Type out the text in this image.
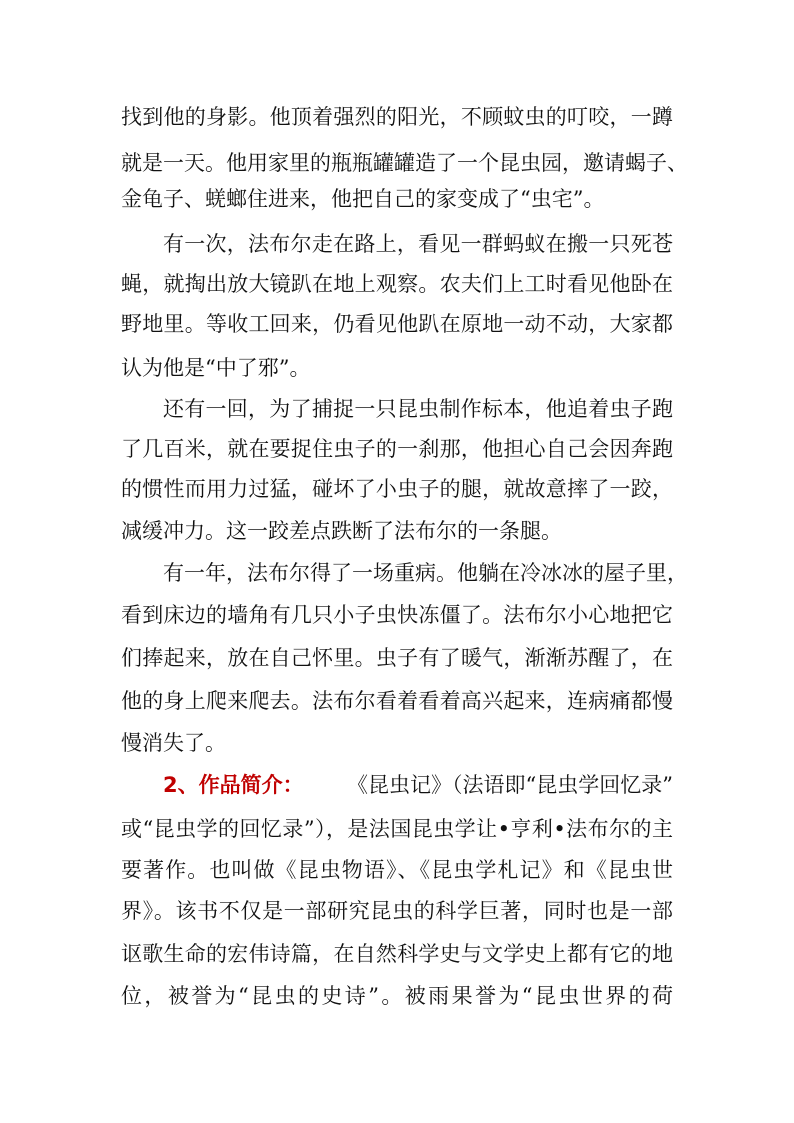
找到他的身影。他顶着强烈的阳光，不顾蚊虫的叮咬，一蹲
就是一天。他用家里的瓶瓶罐罐造了一个昆虫园，邀请蝎子、
金龟子、蜣螂住进来，他把自己的家变成了“虫宅”。
有一次，法布尔走在路上，看见一群蚂蚁在搬一只死苍
蝇，就掏出放大镜趴在地上观察。农夫们上工时看见他卧在
野地里。等收工回来，仍看见他趴在原地一动不动，大家都
认为他是“中了邪”。
还有一回，为了捕捉一只昆虫制作标本，他追着虫子跑
了几百米，就在要捉住虫子的一刹那，他担心自己会因奔跑
的惯性而用力过猛，碰坏了小虫子的腿，就故意摔了一跤，
减缓冲力。这一跤差点跌断了法布尔的一条腿。
有一年，法布尔得了一场重病。他躺在冷冰冰的屋子里，
看到床边的墙角有几只小子虫快冻僵了。法布尔小心地把它
们捧起来，放在自己怀里。虫子有了暖气，渐渐苏醒了，在
他的身上爬来爬去。法布尔看着看着高兴起来，连病痛都慢
慢消失了。
2、作品简介： 《昆虫记》（法语即“昆虫学回忆录”
或“昆虫学的回忆录”），是法国昆虫学让•亨利•法布尔的主
要著作。也叫做《昆虫物语》、《昆虫学札记》和《昆虫世
界》。该书不仅是一部研究昆虫的科学巨著，同时也是一部
讴歌生命的宏伟诗篇，在自然科学史与文学史上都有它的地
位，被誉为“昆虫的史诗”。被雨果誉为“昆虫世界的荷
